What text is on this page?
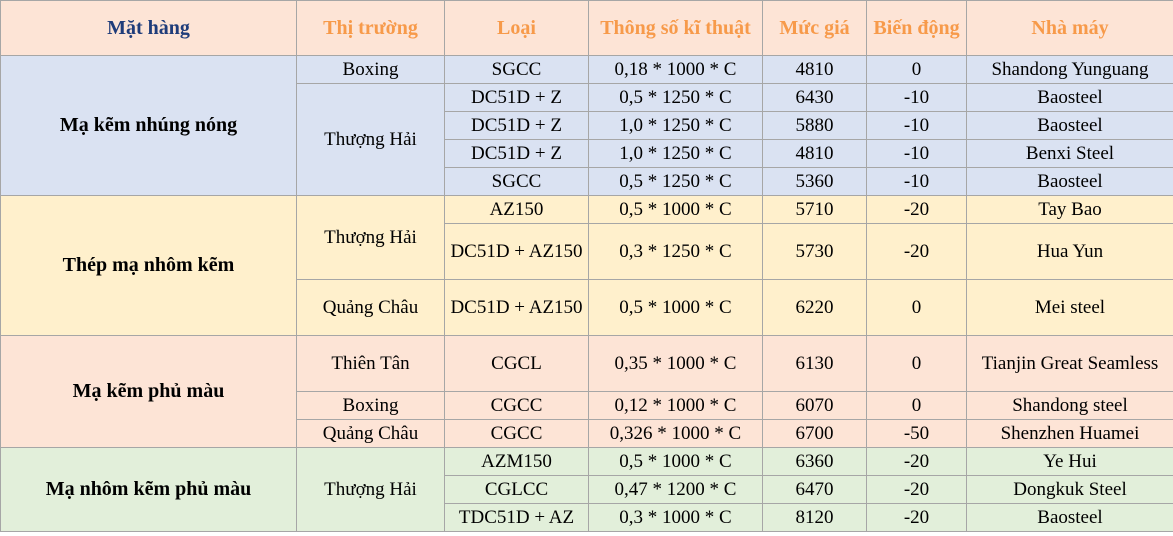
Mặt hàng	Thị trường	Loại	Thông số kĩ thuật	Mức giá	Biến động	Nhà máy
Mạ kẽm nhúng nóng	Boxing	SGCC	0,18 * 1000 * C	4810	0	Shandong Yunguang
	Thượng Hải	DC51D + Z	0,5 * 1250 * C	6430	-10	Baosteel
		DC51D + Z	1,0 * 1250 * C	5880	-10	Baosteel
		DC51D + Z	1,0 * 1250 * C	4810	-10	Benxi Steel
		SGCC	0,5 * 1250 * C	5360	-10	Baosteel
Thép mạ nhôm kẽm	Thượng Hải	AZ150	0,5 * 1000 * C	5710	-20	Tay Bao
		DC51D + AZ150	0,3 * 1250 * C	5730	-20	Hua Yun
	Quảng Châu	DC51D + AZ150	0,5 * 1000 * C	6220	0	Mei steel
Mạ kẽm phủ màu	Thiên Tân	CGCL	0,35 * 1000 * C	6130	0	Tianjin Great Seamless
	Boxing	CGCC	0,12 * 1000 * C	6070	0	Shandong steel
	Quảng Châu	CGCC	0,326 * 1000 * C	6700	-50	Shenzhen Huamei
Mạ nhôm kẽm phủ màu	Thượng Hải	AZM150	0,5 * 1000 * C	6360	-20	Ye Hui
		CGLCC	0,47 * 1200 * C	6470	-20	Dongkuk Steel
		TDC51D + AZ	0,3 * 1000 * C	8120	-20	Baosteel
